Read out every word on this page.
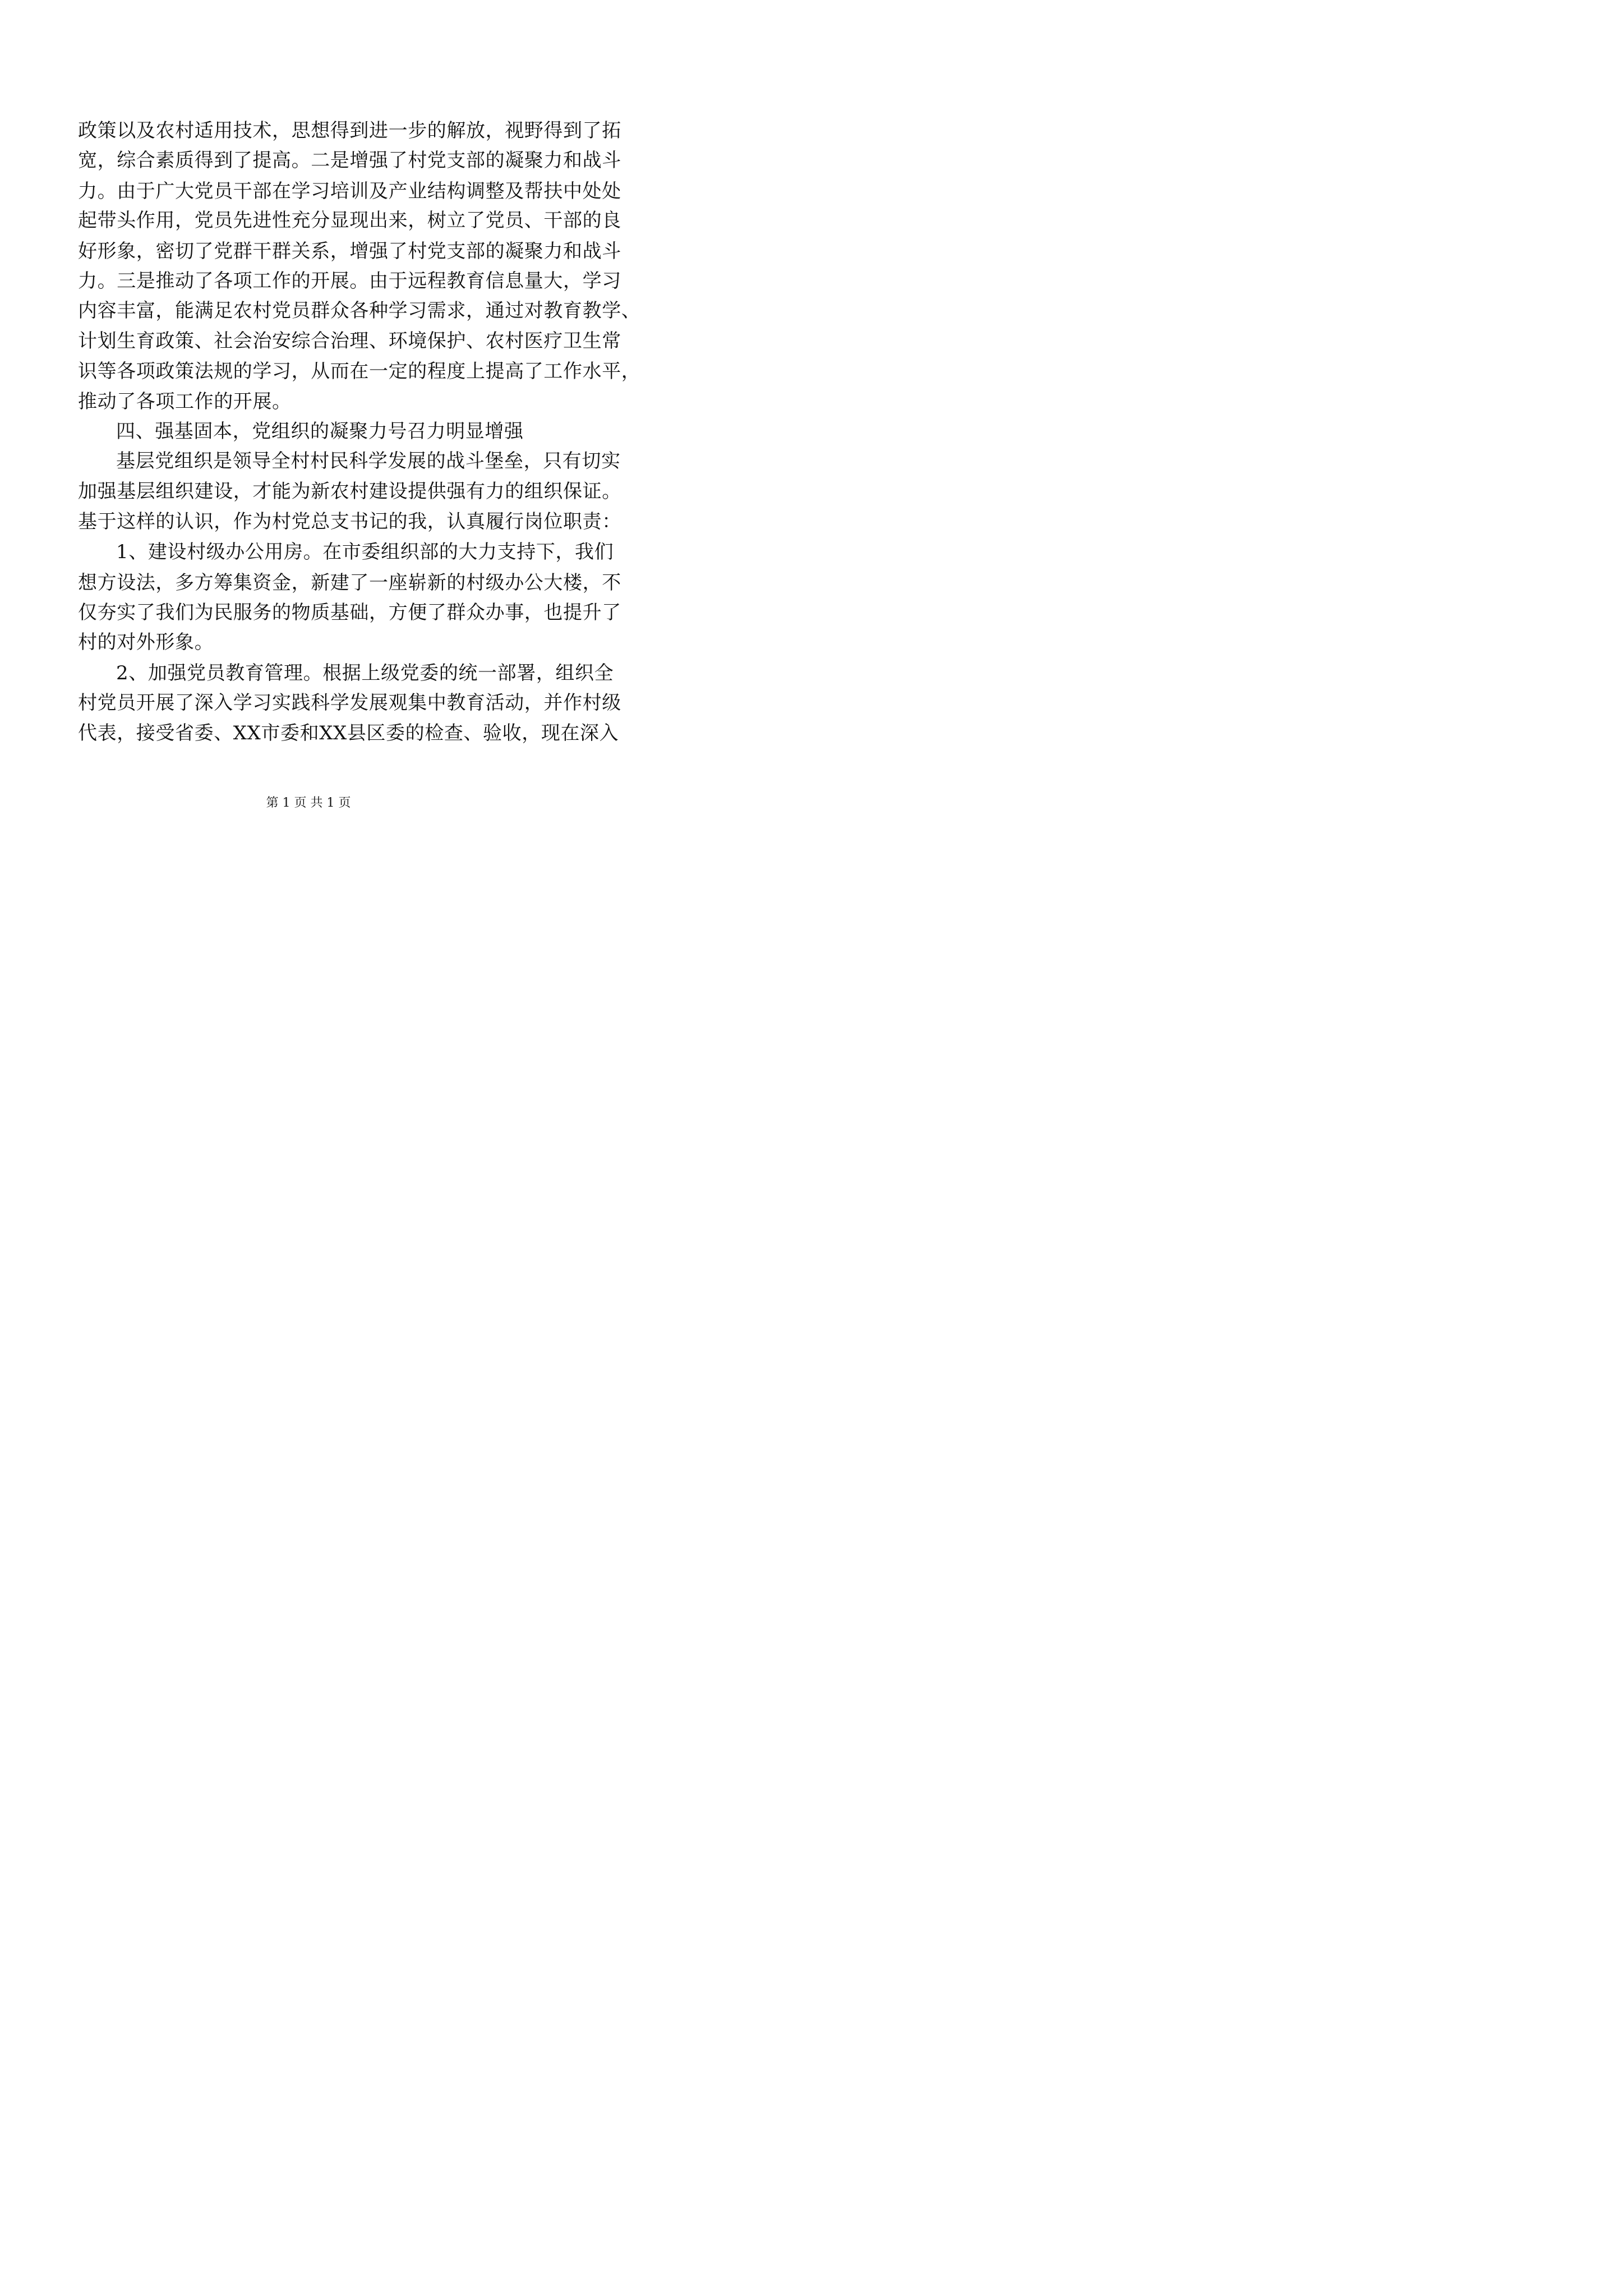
政策以及农村适用技术，思想得到进一步的解放，视野得到了拓
宽，综合素质得到了提高。二是增强了村党支部的凝聚力和战斗
力。由于广大党员干部在学习培训及产业结构调整及帮扶中处处
起带头作用，党员先进性充分显现出来，树立了党员、干部的良
好形象，密切了党群干群关系，增强了村党支部的凝聚力和战斗
力。三是推动了各项工作的开展。由于远程教育信息量大，学习
内容丰富，能满足农村党员群众各种学习需求，通过对教育教学、
计划生育政策、社会治安综合治理、环境保护、农村医疗卫生常
识等各项政策法规的学习，从而在一定的程度上提高了工作水平，
推动了各项工作的开展。
四、强基固本，党组织的凝聚力号召力明显增强
基层党组织是领导全村村民科学发展的战斗堡垒，只有切实
加强基层组织建设，才能为新农村建设提供强有力的组织保证。
基于这样的认识，作为村党总支书记的我，认真履行岗位职责：
1、建设村级办公用房。在市委组织部的大力支持下，我们
想方设法，多方筹集资金，新建了一座崭新的村级办公大楼，不
仅夯实了我们为民服务的物质基础，方便了群众办事，也提升了
村的对外形象。
2、加强党员教育管理。根据上级党委的统一部署，组织全
村党员开展了深入学习实践科学发展观集中教育活动，并作村级
代表，接受省委、XX市委和XX县区委的检查、验收，现在深入
第 1 页 共 1 页
